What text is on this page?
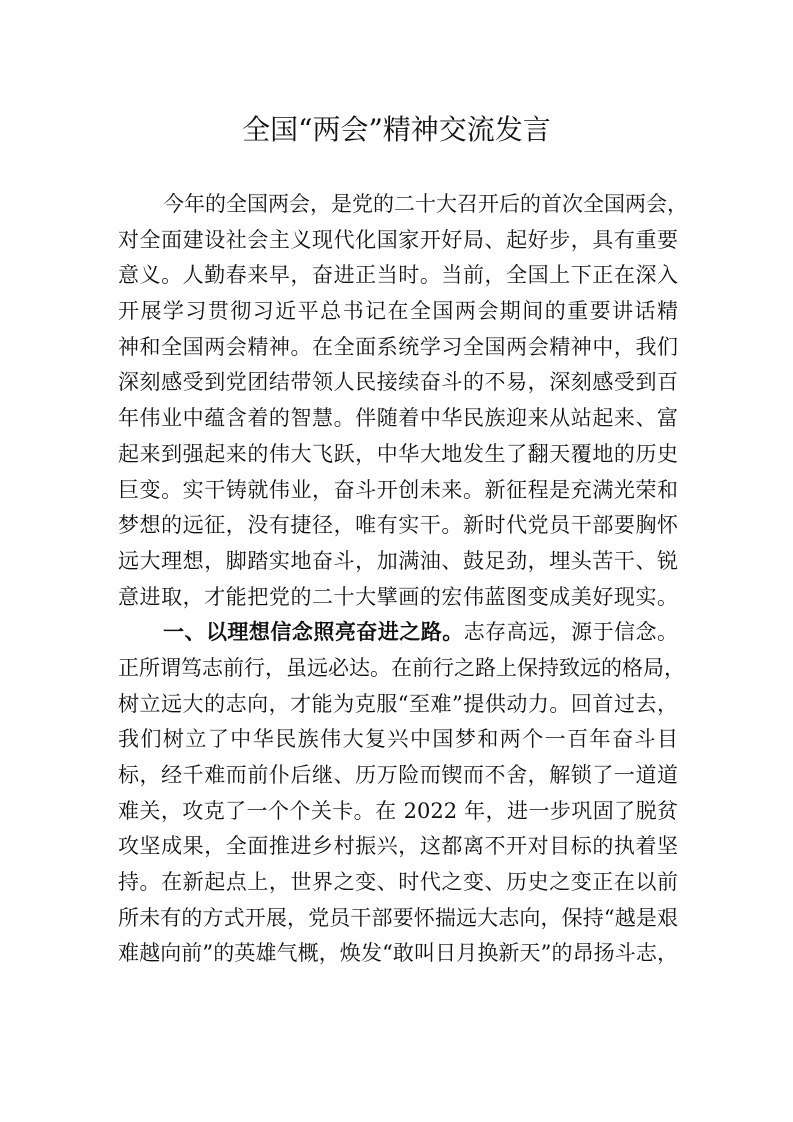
全国“两会”精神交流发言
今年的全国两会，是党的二十大召开后的首次全国两会，
对全面建设社会主义现代化国家开好局、起好步，具有重要
意义。人勤春来早，奋进正当时。当前，全国上下正在深入
开展学习贯彻习近平总书记在全国两会期间的重要讲话精
神和全国两会精神。在全面系统学习全国两会精神中，我们
深刻感受到党团结带领人民接续奋斗的不易，深刻感受到百
年伟业中蕴含着的智慧。伴随着中华民族迎来从站起来、富
起来到强起来的伟大飞跃，中华大地发生了翻天覆地的历史
巨变。实干铸就伟业，奋斗开创未来。新征程是充满光荣和
梦想的远征，没有捷径，唯有实干。新时代党员干部要胸怀
远大理想，脚踏实地奋斗，加满油、鼓足劲，埋头苦干、锐
意进取，才能把党的二十大擘画的宏伟蓝图变成美好现实。
一、以理想信念照亮奋进之路。志存高远，源于信念。
正所谓笃志前行，虽远必达。在前行之路上保持致远的格局，
树立远大的志向，才能为克服“至难”提供动力。回首过去，
我们树立了中华民族伟大复兴中国梦和两个一百年奋斗目
标，经千难而前仆后继、历万险而锲而不舍，解锁了一道道
难关，攻克了一个个关卡。在 2022 年，进一步巩固了脱贫
攻坚成果，全面推进乡村振兴，这都离不开对目标的执着坚
持。在新起点上，世界之变、时代之变、历史之变正在以前
所未有的方式开展，党员干部要怀揣远大志向，保持“越是艰
难越向前”的英雄气概，焕发“敢叫日月换新天”的昂扬斗志，
